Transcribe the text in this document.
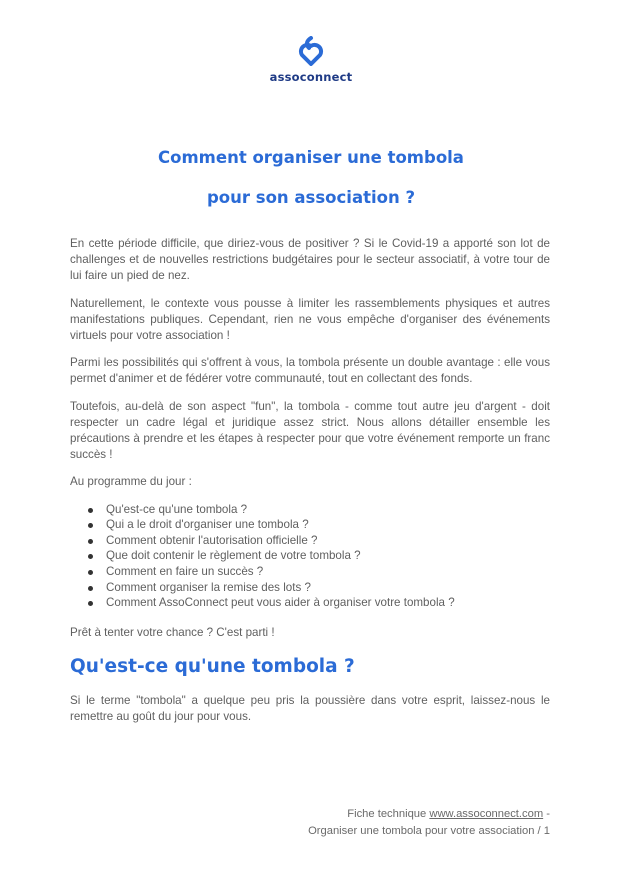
assoconnect
Comment organiser une tombola
pour son association ?

En cette période difficile, que diriez-vous de positiver ? Si le Covid-19 a apporté son lot de challenges et de nouvelles restrictions budgétaires pour le secteur associatif, à votre tour de lui faire un pied de nez.

Naturellement, le contexte vous pousse à limiter les rassemblements physiques et autres manifestations publiques. Cependant, rien ne vous empêche d'organiser des événements virtuels pour votre association !

Parmi les possibilités qui s'offrent à vous, la tombola présente un double avantage : elle vous permet d'animer et de fédérer votre communauté, tout en collectant des fonds.

Toutefois, au-delà de son aspect "fun", la tombola - comme tout autre jeu d'argent - doit respecter un cadre légal et juridique assez strict. Nous allons détailler ensemble les précautions à prendre et les étapes à respecter pour que votre événement remporte un franc succès !

Au programme du jour :

Qu'est-ce qu'une tombola ?
Qui a le droit d'organiser une tombola ?
Comment obtenir l'autorisation officielle ?
Que doit contenir le règlement de votre tombola ?
Comment en faire un succès ?
Comment organiser la remise des lots ?
Comment AssoConnect peut vous aider à organiser votre tombola ?

Prêt à tenter votre chance ? C'est parti !

Qu'est-ce qu'une tombola ?

Si le terme "tombola" a quelque peu pris la poussière dans votre esprit, laissez-nous le remettre au goût du jour pour vous.

Fiche technique www.assoconnect.com -
Organiser une tombola pour votre association / 1
